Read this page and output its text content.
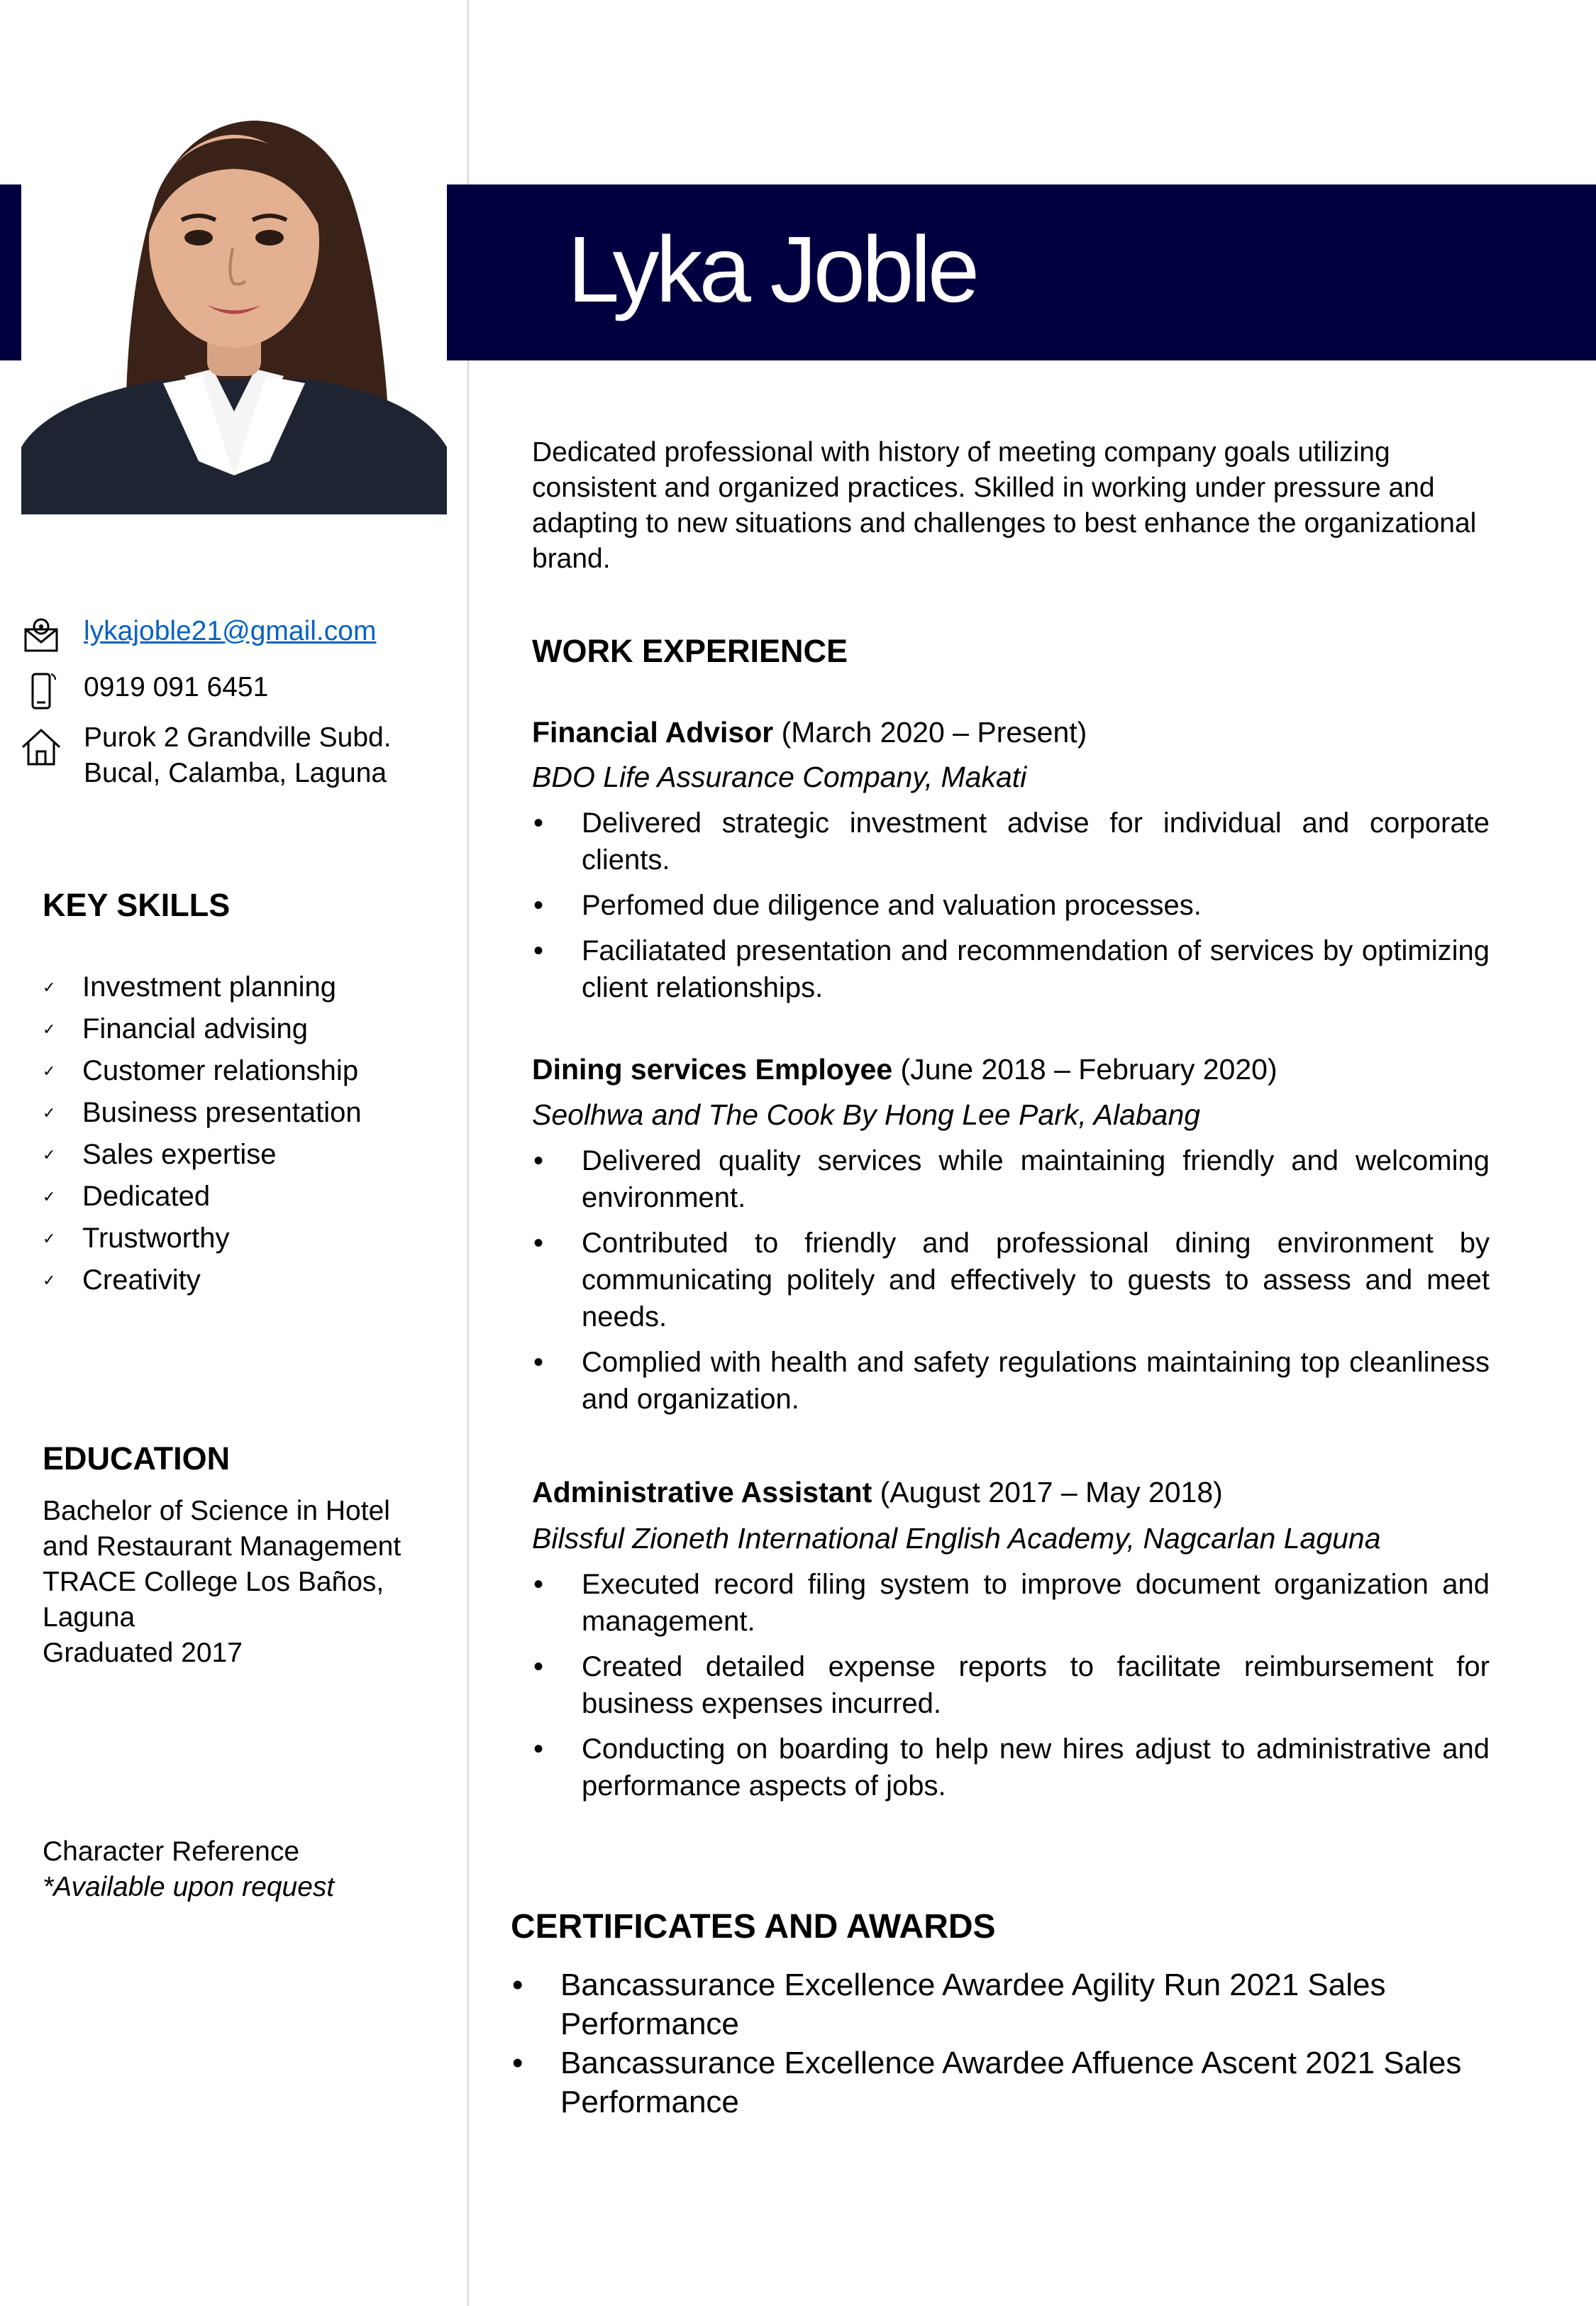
Lyka Joble
lykajoble21@gmail.com
0919 091 6451
Purok 2 Grandville Subd.
Bucal, Calamba, Laguna
KEY SKILLS
✓ Investment planning
✓ Financial advising
✓ Customer relationship
✓ Business presentation
✓ Sales expertise
✓ Dedicated
✓ Trustworthy
✓ Creativity
EDUCATION
Bachelor of Science in Hotel
and Restaurant Management
TRACE College Los Baños,
Laguna
Graduated 2017
Character Reference
*Available upon request
Dedicated professional with history of meeting company goals utilizing consistent and organized practices. Skilled in working under pressure and adapting to new situations and challenges to best enhance the organizational brand.
WORK EXPERIENCE
Financial Advisor (March 2020 – Present)
BDO Life Assurance Company, Makati
• Delivered strategic investment advise for individual and corporate clients.
• Perfomed due diligence and valuation processes.
• Faciliatated presentation and recommendation of services by optimizing client relationships.
Dining services Employee (June 2018 – February 2020)
Seolhwa and The Cook By Hong Lee Park, Alabang
• Delivered quality services while maintaining friendly and welcoming environment.
• Contributed to friendly and professional dining environment by communicating politely and effectively to guests to assess and meet needs.
• Complied with health and safety regulations maintaining top cleanliness and organization.
Administrative Assistant (August 2017 – May 2018)
Bilssful Zioneth International English Academy, Nagcarlan Laguna
• Executed record filing system to improve document organization and management.
• Created detailed expense reports to facilitate reimbursement for business expenses incurred.
• Conducting on boarding to help new hires adjust to administrative and performance aspects of jobs.
CERTIFICATES AND AWARDS
• Bancassurance Excellence Awardee Agility Run 2021 Sales Performance
• Bancassurance Excellence Awardee Affuence Ascent 2021 Sales Performance
